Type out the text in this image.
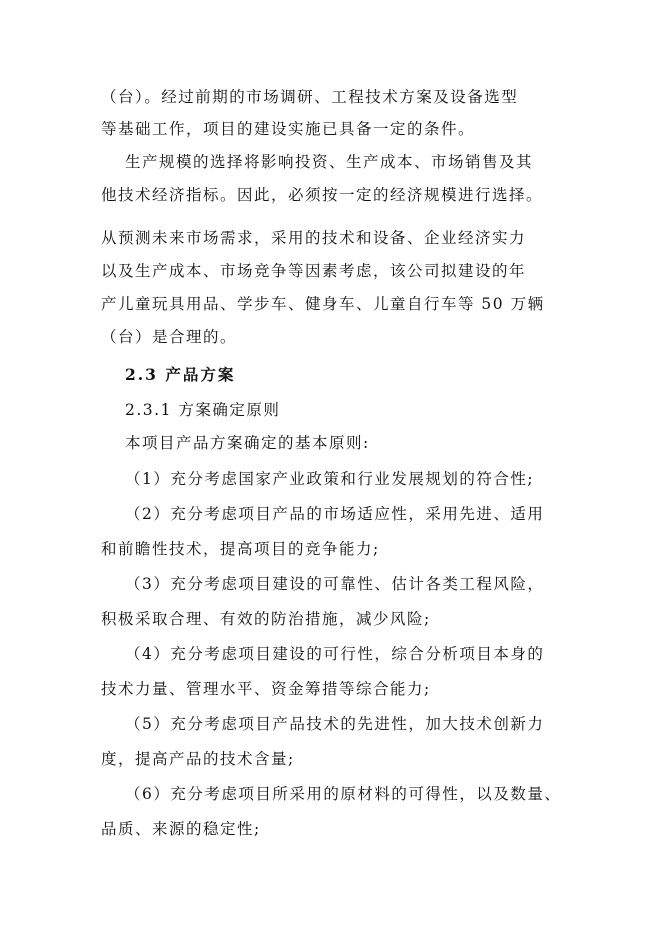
（台）。经过前期的市场调研、工程技术方案及设备选型
等基础工作，项目的建设实施已具备一定的条件。
生产规模的选择将影响投资、生产成本、市场销售及其
他技术经济指标。因此，必须按一定的经济规模进行选择。
从预测未来市场需求，采用的技术和设备、企业经济实力
以及生产成本、市场竞争等因素考虑，该公司拟建设的年
产儿童玩具用品、学步车、健身车、儿童自行车等 50 万辆
（台）是合理的。
2.3 产品方案
2.3.1 方案确定原则
本项目产品方案确定的基本原则:
（1）充分考虑国家产业政策和行业发展规划的符合性;
（2）充分考虑项目产品的市场适应性，采用先进、适用
和前瞻性技术，提高项目的竞争能力;
（3）充分考虑项目建设的可靠性、估计各类工程风险，
积极采取合理、有效的防治措施，减少风险;
（4）充分考虑项目建设的可行性，综合分析项目本身的
技术力量、管理水平、资金筹措等综合能力;
（5）充分考虑项目产品技术的先进性，加大技术创新力
度，提高产品的技术含量;
（6）充分考虑项目所采用的原材料的可得性，以及数量、
品质、来源的稳定性;
